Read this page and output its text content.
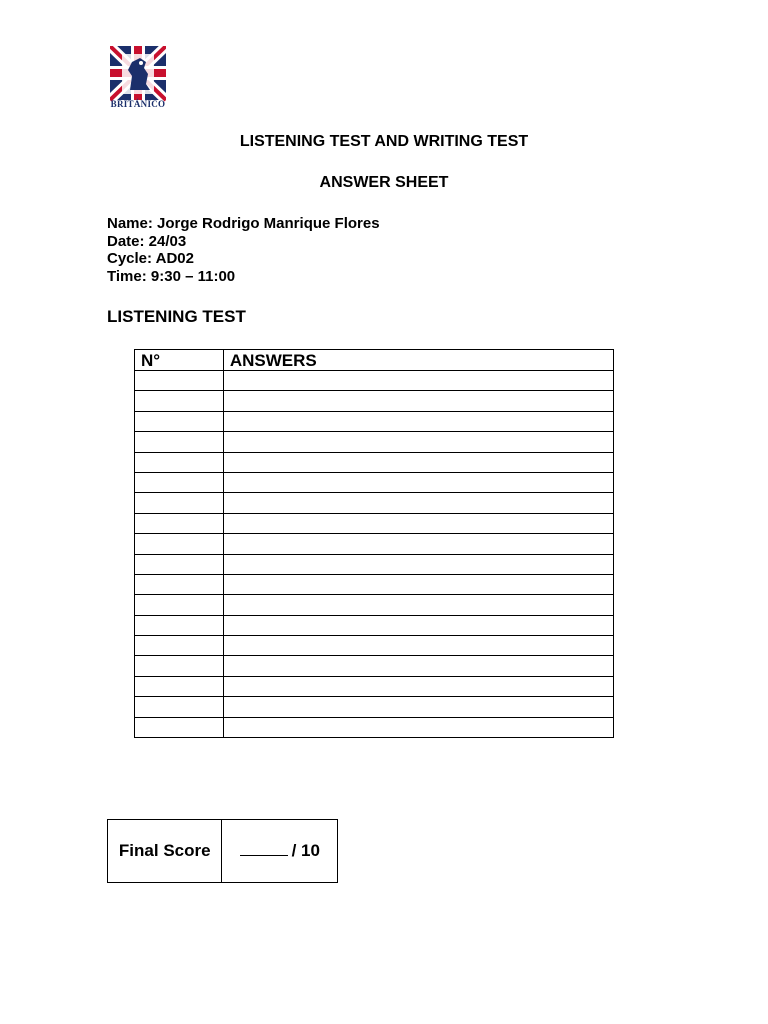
BRITÁNICO
LISTENING TEST AND WRITING TEST
ANSWER SHEET
Name: Jorge Rodrigo Manrique Flores
Date: 24/03
Cycle: AD02
Time: 9:30 – 11:00
LISTENING TEST
N°	ANSWERS

Final Score	/ 10
